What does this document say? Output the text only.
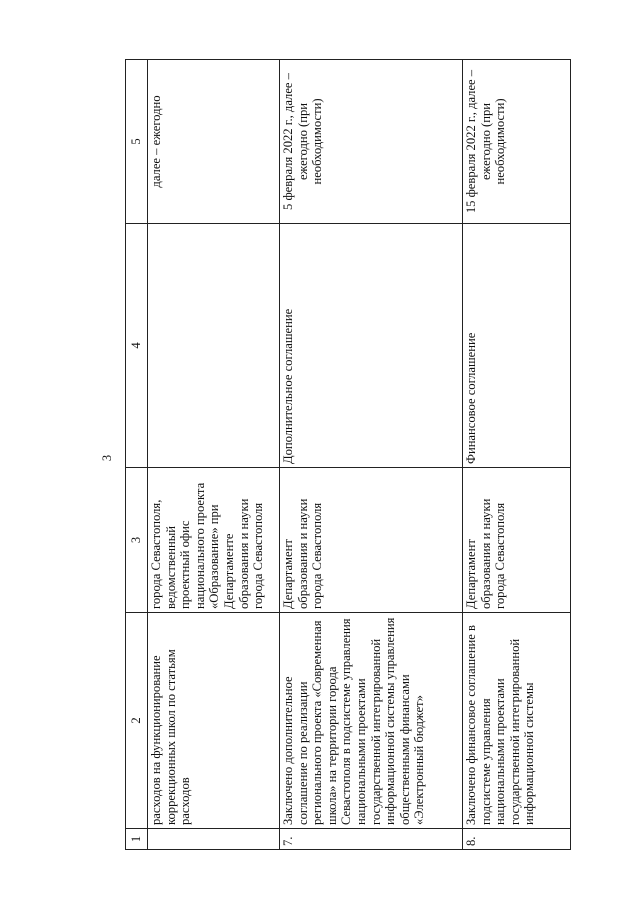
3
1	2	3	4	5
	расходов на функционирование коррекционных школ по статьям расходов	города Севастополя, ведомственный проектный офис национального проекта «Образование» при Департаменте образования и науки города Севастополя		далее – ежегодно
7.	Заключено дополнительное соглашение по реализации регионального проекта «Современная школа» на территории города Севастополя в подсистеме управления национальными проектами государственной интегрированной информационной системы управления общественными финансами «Электронный бюджет»	Департамент образования и науки города Севастополя	Дополнительное соглашение	5 февраля 2022 г., далее – ежегодно (при необходимости)
8.	Заключено финансовое соглашение в подсистеме управления национальными проектами государственной интегрированной информационной системы	Департамент образования и науки города Севастополя	Финансовое соглашение	15 февраля 2022 г., далее – ежегодно (при необходимости)
